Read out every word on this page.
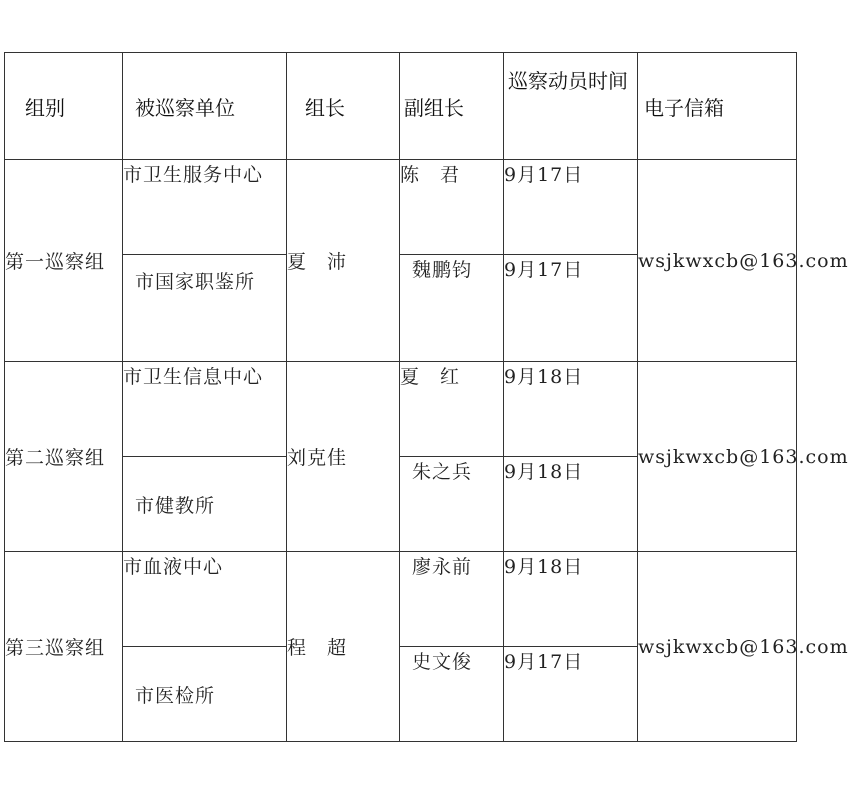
组别	被巡察单位	组长	副组长	巡察动员时间	电子信箱
第一巡察组	市卫生服务中心	夏　沛	陈　君	9月17日	wsjkwxcb@163.com
	市国家职鉴所		魏鹏钧	9月17日	
第二巡察组	市卫生信息中心	刘克佳	夏　红	9月18日	wsjkwxcb@163.com
	市健教所		朱之兵	9月18日	
第三巡察组	市血液中心	程　超	廖永前	9月18日	wsjkwxcb@163.com
	市医检所		史文俊	9月17日	
